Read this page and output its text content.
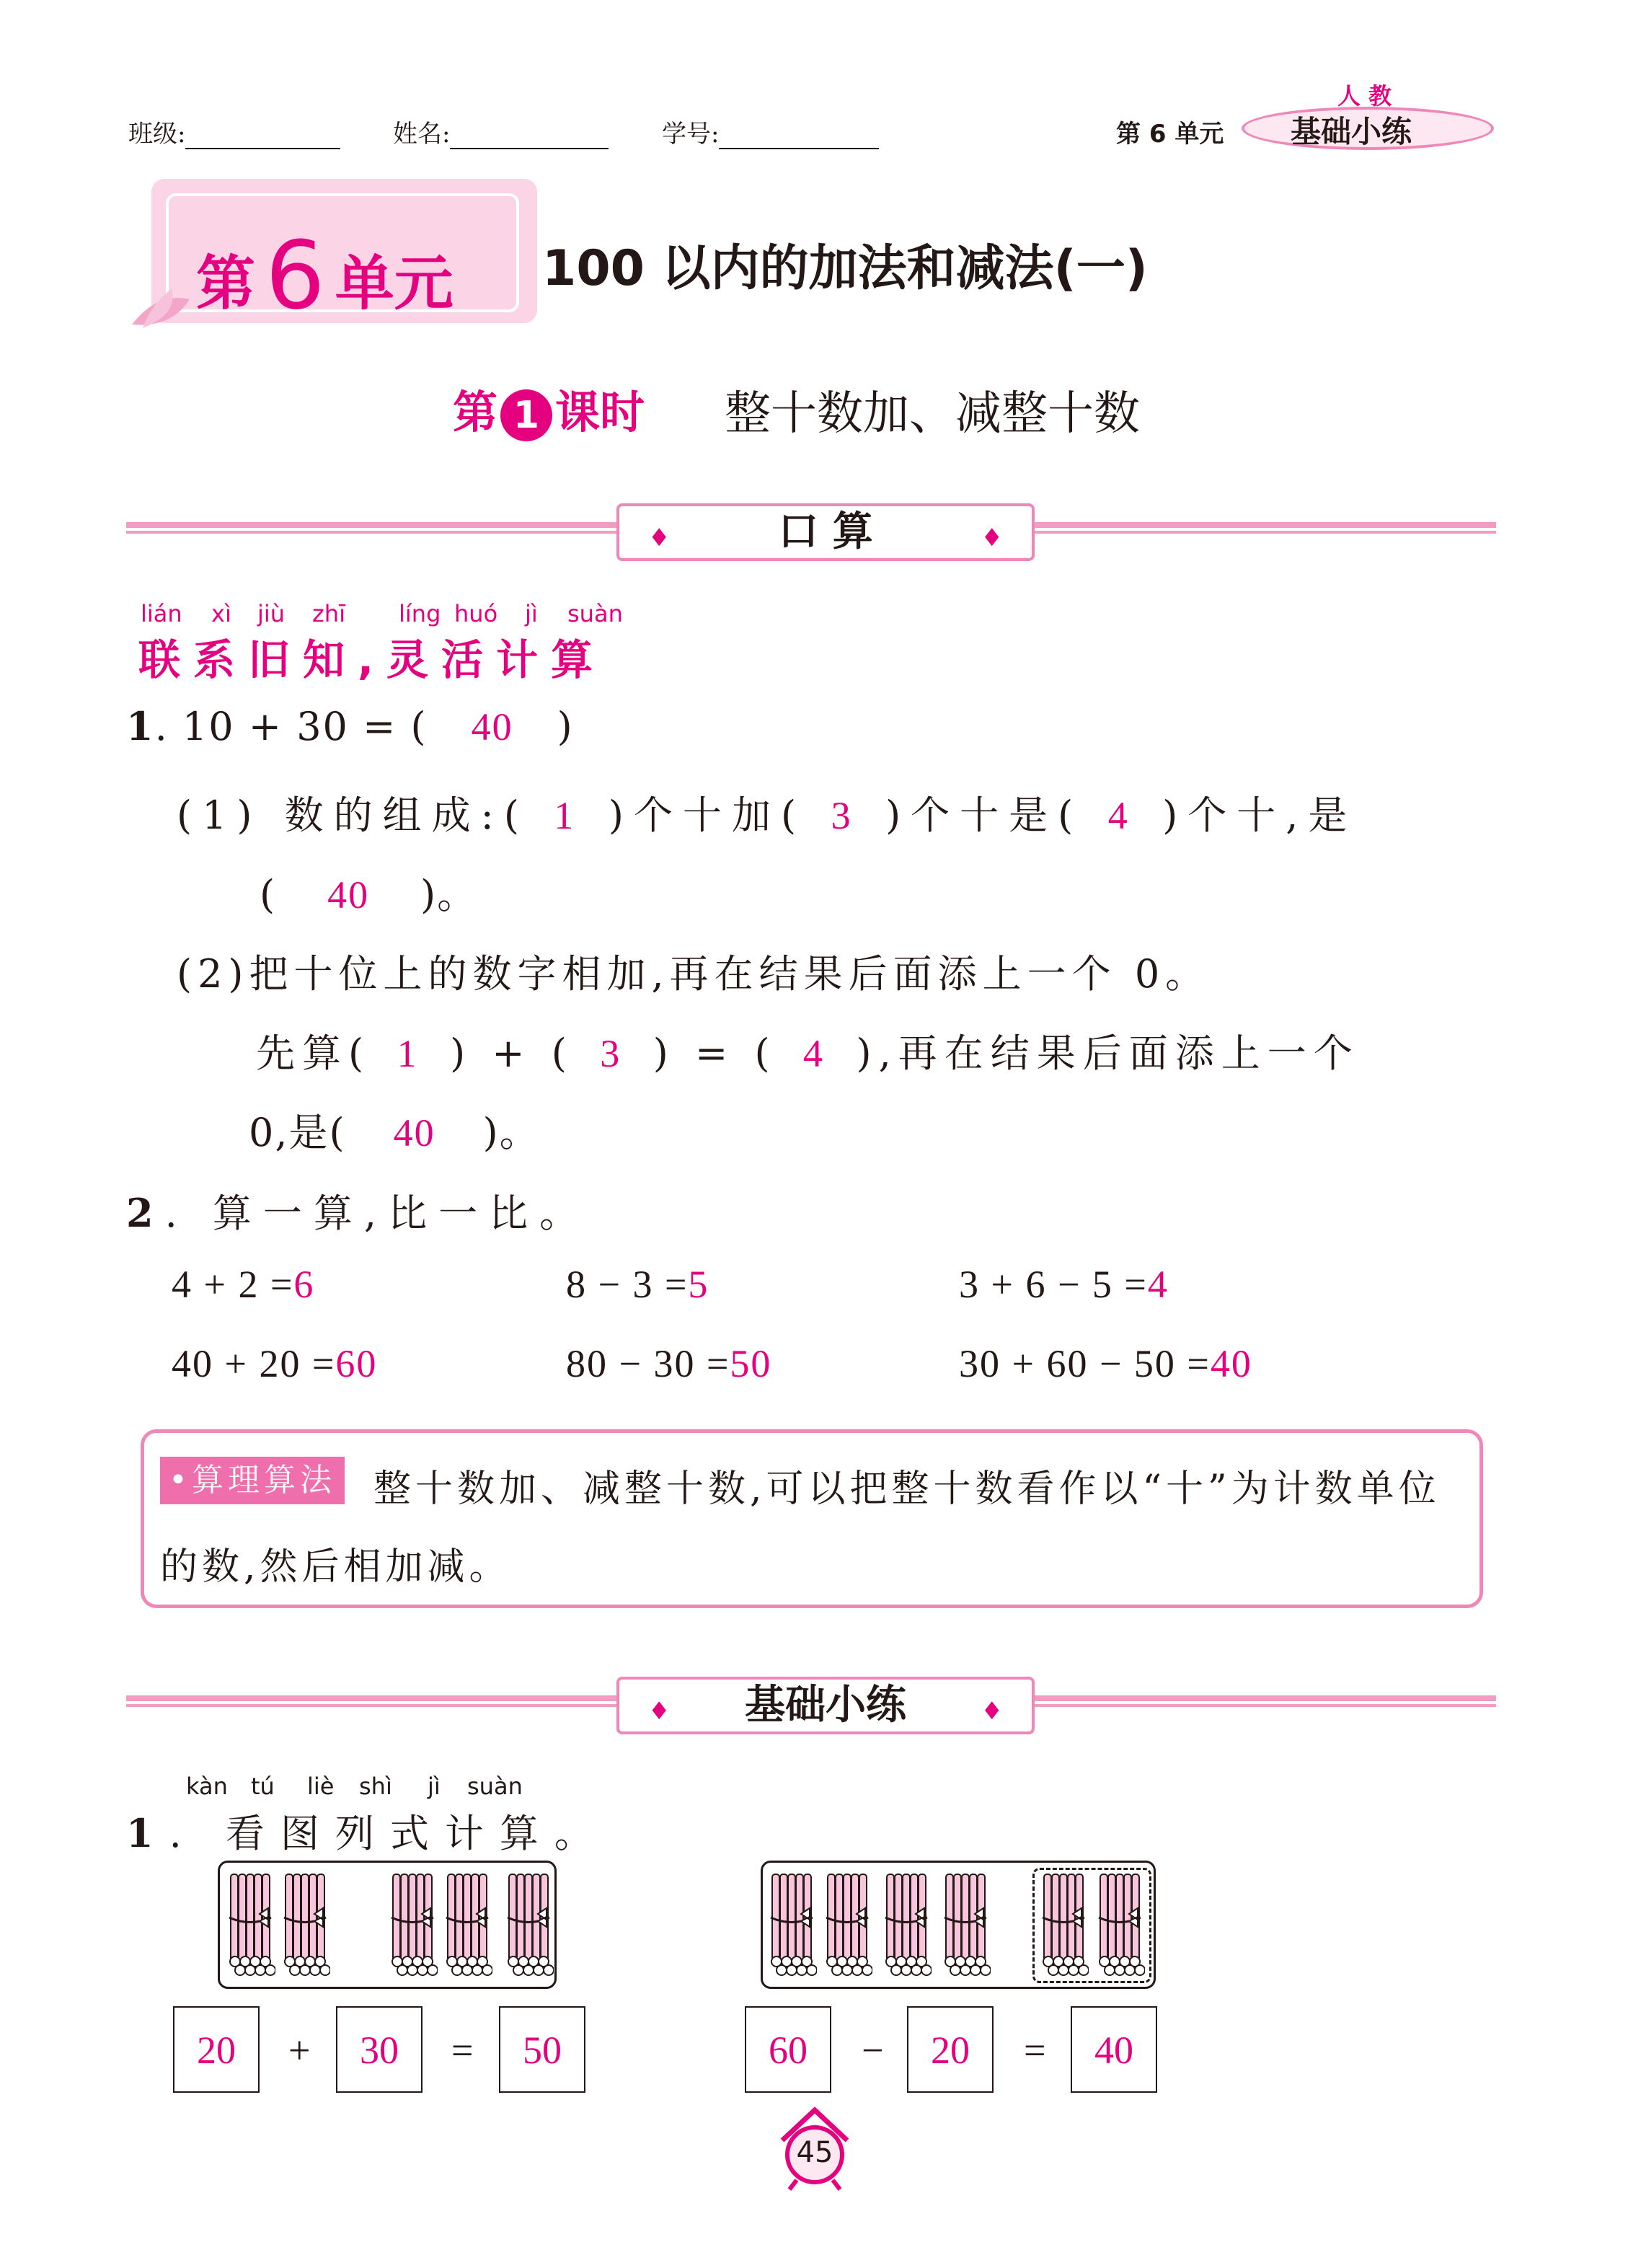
班级:	姓名:	学号:	第 6 单元
人 教
基础小练
第 6 单元 100 以内的加法和减法(一)
第 1 课时 整十数加、减整十数
♦	口 算	♦
lián xì jiù zhī líng huó jì suàn
联系旧知,灵活计算
1. 10 + 30 = ( 40 )
(1) 数的组成:( 1 )个十加( 3 )个十是( 4 )个十,是
( 40 )。
(2)把十位上的数字相加,再在结果后面添上一个 0。
先算( 1 ) + ( 3 ) = ( 4 ),再在结果后面添上一个
0,是( 40 )。
2. 算一算,比一比。
4 + 2 =6	8 − 3 =5	3 + 6 − 5 =4
40 + 20 =60	80 − 30 =50	30 + 60 − 50 =40
•算理算法 整十数加、减整十数,可以把整十数看作以“十”为计数单位
的数,然后相加减。
♦ 基础小练	♦
kàn tú liè shì jì suàn
1. 看图列式计算。
20	+	30	=	50	60	−	20	=	40
45
